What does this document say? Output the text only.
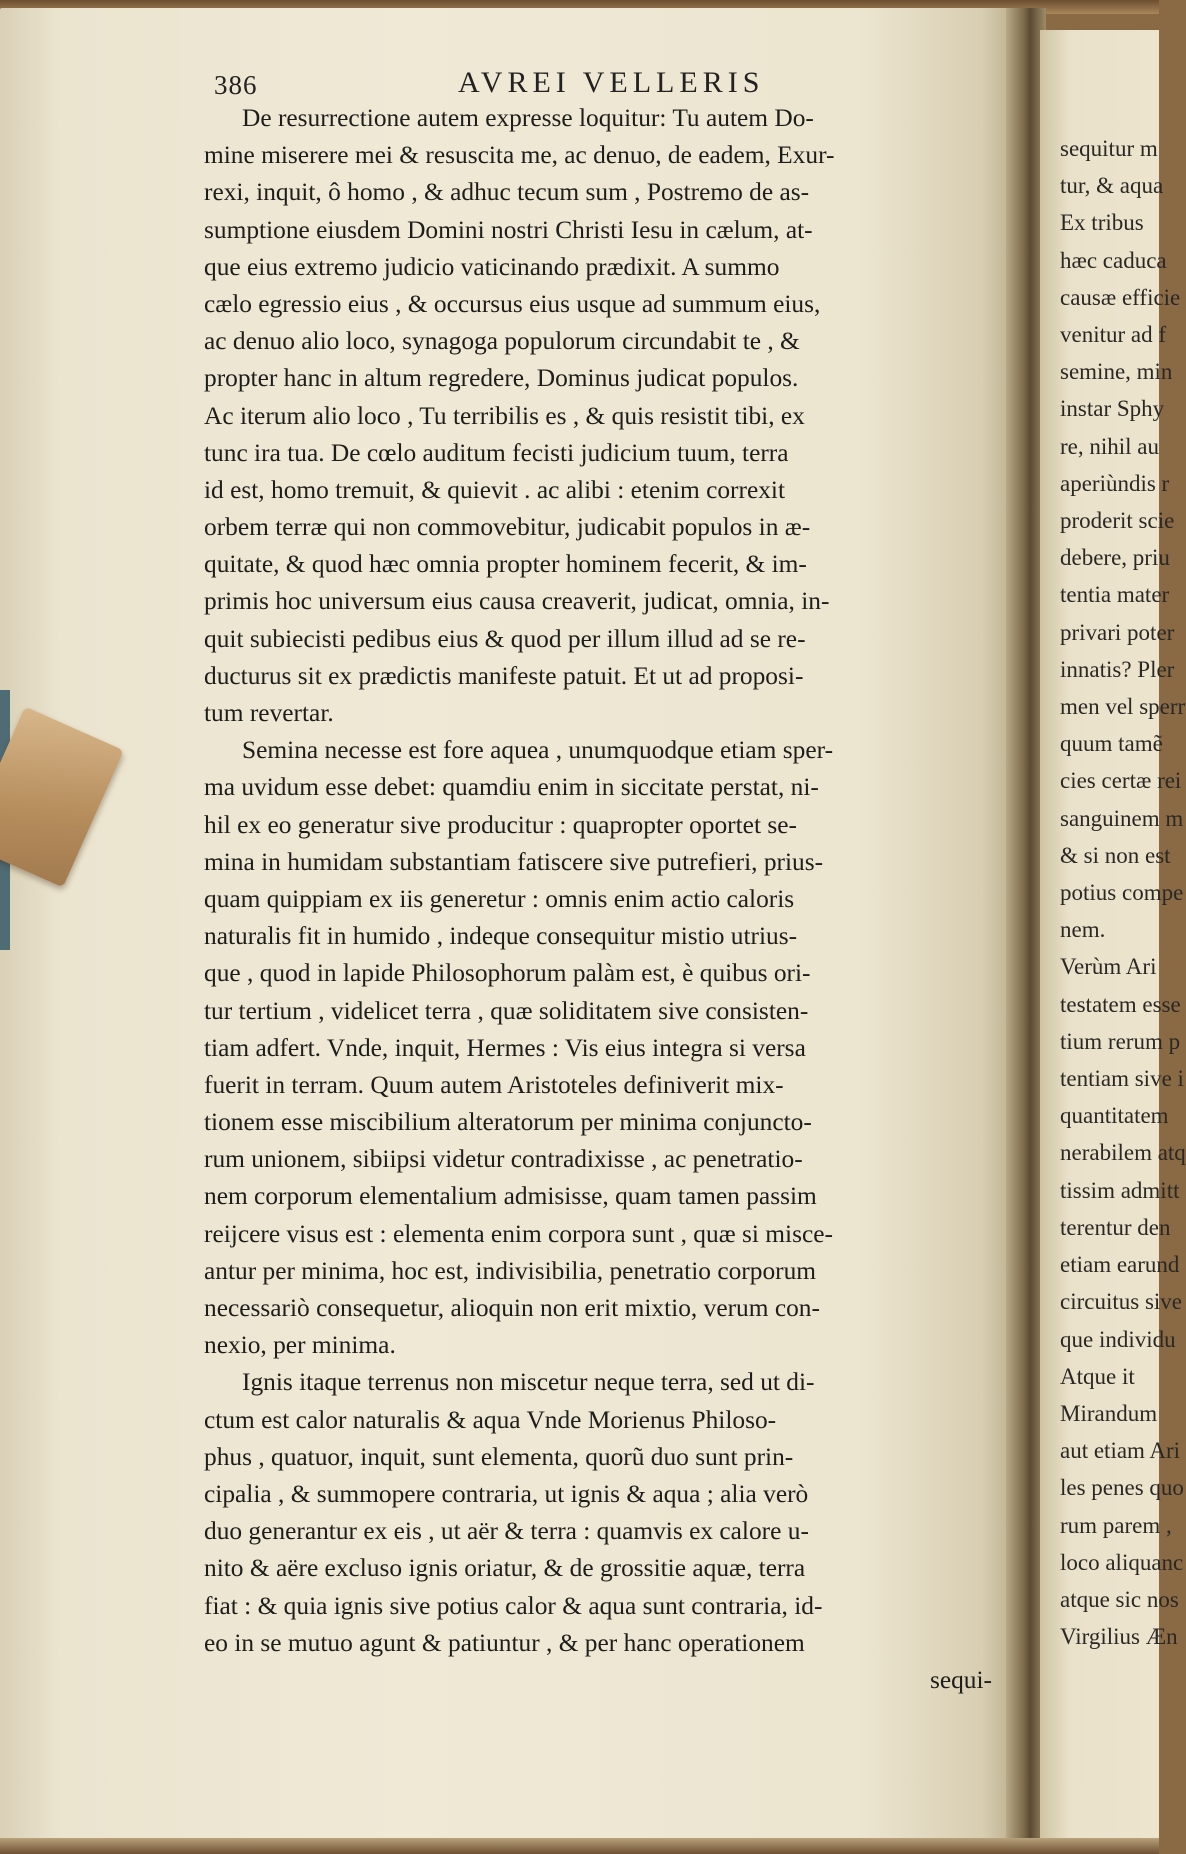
sequitur m
tur, & aqua
Ex tribus
hæc caduca
causæ efficie
venitur ad f
semine, min
instar Sphy
re, nihil au
aperiùndis r
proderit scie
debere, priu
tentia mater
privari poter
innatis? Pler
men vel sperr
quum tamẽ
cies certæ rei
sanguinem m
& si non est
potius compe
nem.
Verùm Ari
testatem esse
tium rerum p
tentiam sive i
quantitatem
nerabilem atq
tissim admitt
terentur den
etiam earund
circuitus sive
que individu
Atque it
Mirandum
aut etiam Ari
les penes quo
rum parem ,
loco aliquanc
atque sic nos
Virgilius Æn
386	AVREI VELLERIS
De resurrectione autem expresse loquitur: Tu autem Do-
mine miserere mei & resuscita me, ac denuo, de eadem, Exur-
rexi, inquit, ô homo , & adhuc tecum sum , Postremo de as-
sumptione eiusdem Domini nostri Christi Iesu in cælum, at-
que eius extremo judicio vaticinando prædixit. A summo
cælo egressio eius , & occursus eius usque ad summum eius,
ac denuo alio loco, synagoga populorum circundabit te , &
propter hanc in altum regredere, Dominus judicat populos.
Ac iterum alio loco , Tu terribilis es , & quis resistit tibi, ex
tunc ira tua. De cœlo auditum fecisti judicium tuum, terra
id est, homo tremuit, & quievit . ac alibi : etenim correxit
orbem terræ qui non commovebitur, judicabit populos in æ-
quitate, & quod hæc omnia propter hominem fecerit, & im-
primis hoc universum eius causa creaverit, judicat, omnia, in-
quit subiecisti pedibus eius & quod per illum illud ad se re-
ducturus sit ex prædictis manifeste patuit. Et ut ad proposi-
tum revertar.
Semina necesse est fore aquea , unumquodque etiam sper-
ma uvidum esse debet: quamdiu enim in siccitate perstat, ni-
hil ex eo generatur sive producitur : quapropter oportet se-
mina in humidam substantiam fatiscere sive putrefieri, prius-
quam quippiam ex iis generetur : omnis enim actio caloris
naturalis fit in humido , indeque consequitur mistio utrius-
que , quod in lapide Philosophorum palàm est, è quibus ori-
tur tertium , videlicet terra , quæ soliditatem sive consisten-
tiam adfert. Vnde, inquit, Hermes : Vis eius integra si versa
fuerit in terram. Quum autem Aristoteles definiverit mix-
tionem esse miscibilium alteratorum per minima conjuncto-
rum unionem, sibiipsi videtur contradixisse , ac penetratio-
nem corporum elementalium admisisse, quam tamen passim
reijcere visus est : elementa enim corpora sunt , quæ si misce-
antur per minima, hoc est, indivisibilia, penetratio corporum
necessariò consequetur, alioquin non erit mixtio, verum con-
nexio, per minima.
Ignis itaque terrenus non miscetur neque terra, sed ut di-
ctum est calor naturalis & aqua Vnde Morienus Philoso-
phus , quatuor, inquit, sunt elementa, quorũ duo sunt prin-
cipalia , & summopere contraria, ut ignis & aqua ; alia verò
duo generantur ex eis , ut aër & terra : quamvis ex calore u-
nito & aëre excluso ignis oriatur, & de grossitie aquæ, terra
fiat : & quia ignis sive potius calor & aqua sunt contraria, id-
eo in se mutuo agunt & patiuntur , & per hanc operationem
sequi-
